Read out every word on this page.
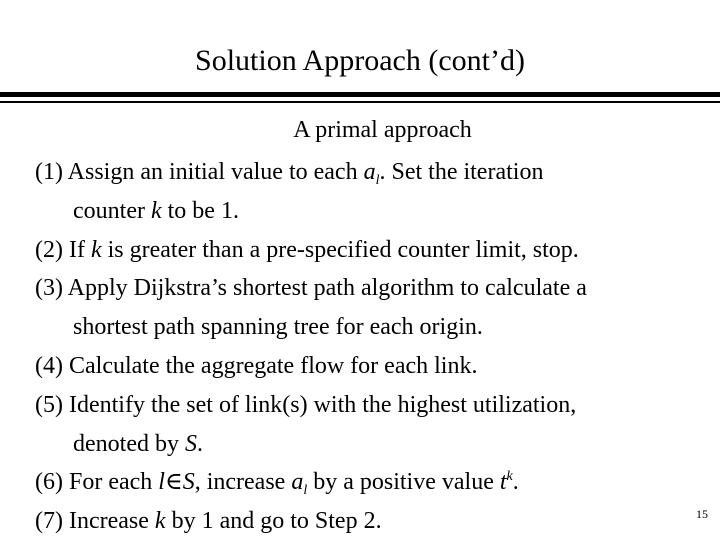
Solution Approach (cont’d)
A primal approach
(1) Assign an initial value to each $a_l$. Set the iteration
counter k to be 1.
(2) If k is greater than a pre-specified counter limit, stop.
(3) Apply Dijkstra’s shortest path algorithm to calculate a
shortest path spanning tree for each origin.
(4) Calculate the aggregate flow for each link.
(5) Identify the set of link(s) with the highest utilization,
denoted by S.
(6) For each l∈S, increase $a_l$ by a positive value $t^k$.
(7) Increase k by 1 and go to Step 2.	15
